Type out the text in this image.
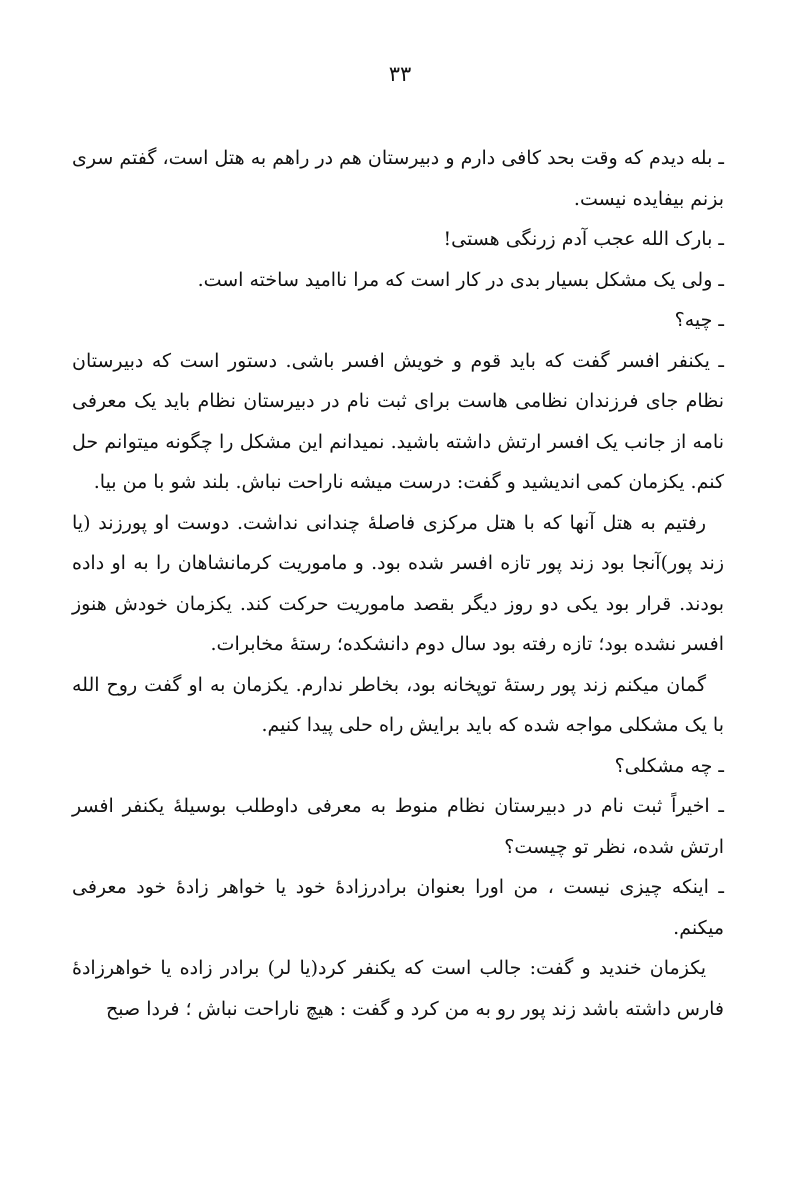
۳۳

ـ بله دیدم که وقت بحد کافی دارم و دبیرستان هم در راهم به هتل است، گفتم سری بزنم بیفایده نیست.

ـ بارک الله عجب آدم زرنگی هستی!

ـ ولی یک مشکل بسیار بدی در کار است که مرا ناامید ساخته است.

ـ چیه؟

ـ یکنفر افسر گفت که باید قوم و خویش افسر باشی. دستور است که دبیرستان نظام جای فرزندان نظامی هاست برای ثبت نام در دبیرستان نظام باید یک معرفی نامه از جانب یک افسر ارتش داشته باشید. نمیدانم این مشکل را چگونه میتوانم حل کنم. یکزمان کمی اندیشید و گفت: درست میشه ناراحت نباش. بلند شو با من بیا.

رفتیم به هتل آنها که با هتل مرکزی فاصلهٔ چندانی نداشت. دوست او پورزند (یا زند پور)آنجا بود زند پور تازه افسر شده بود. و ماموریت کرمانشاهان را به او داده بودند. قرار بود یکی دو روز دیگر بقصد ماموریت حرکت کند. یکزمان خودش هنوز افسر نشده بود؛ تازه رفته بود سال دوم دانشکده؛ رستهٔ مخابرات.

گمان میکنم زند پور رستهٔ توپخانه بود، بخاطر ندارم. یکزمان به او گفت روح الله با یک مشکلی مواجه شده که باید برایش راه حلی پیدا کنیم.

ـ چه مشکلی؟

ـ اخیراً ثبت نام در دبیرستان نظام منوط به معرفی داوطلب بوسیلهٔ یکنفر افسر ارتش شده، نظر تو چیست؟

ـ اینکه چیزی نیست ، من اورا بعنوان برادرزادهٔ خود یا خواهر زادهٔ خود معرفی میکنم.

یکزمان خندید و گفت: جالب است که یکنفر کرد(یا لر) برادر زاده یا خواهرزادهٔ فارس داشته باشد زند پور رو به من کرد و گفت : هیچ ناراحت نباش ؛ فردا صبح
